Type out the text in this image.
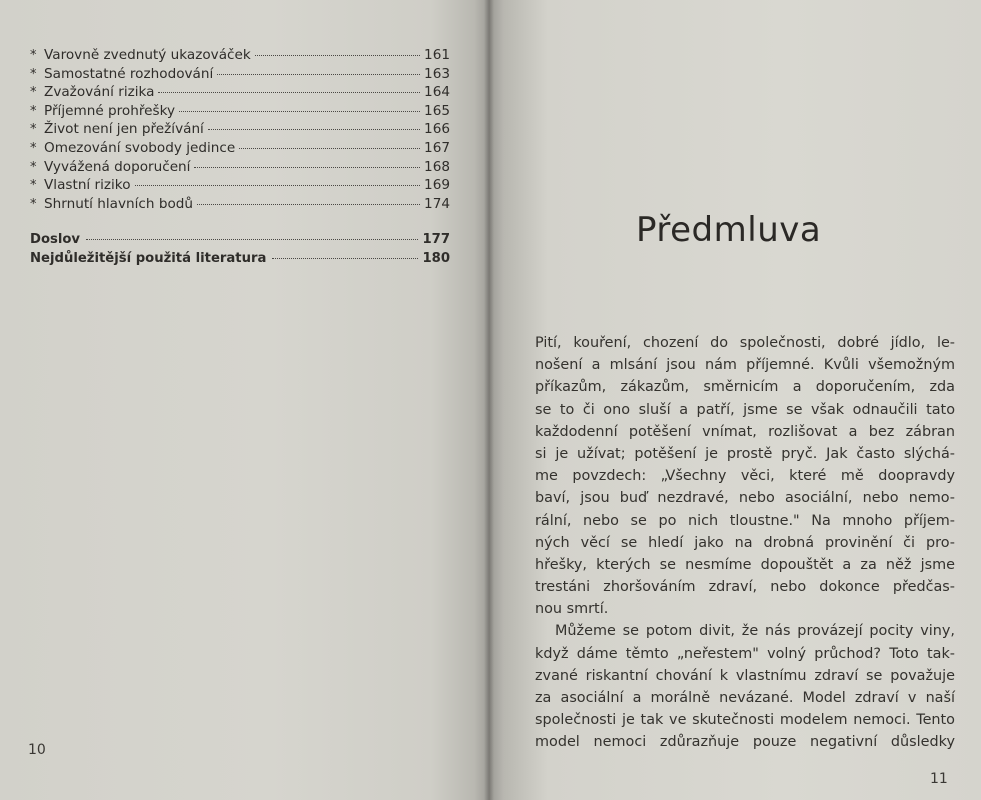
* Varovně zvednutý ukazováček	161
* Samostatné rozhodování	163
* Zvažování rizika	164
* Příjemné prohřešky	165
* Život není jen přežívání	166
* Omezování svobody jedince	167
* Vyvážená doporučení	168
* Vlastní riziko	169
* Shrnutí hlavních bodů	174
Doslov	177
Nejdůležitější použitá literatura	180
10
Předmluva
Pití, kouření, chození do společnosti, dobré jídlo, le-
nošení a mlsání jsou nám příjemné. Kvůli všemožným
příkazům, zákazům, směrnicím a doporučením, zda
se to či ono sluší a patří, jsme se však odnaučili tato
každodenní potěšení vnímat, rozlišovat a bez zábran
si je užívat; potěšení je prostě pryč. Jak často slýchá-
me povzdech: „Všechny věci, které mě doopravdy
baví, jsou buď nezdravé, nebo asociální, nebo nemo-
rální, nebo se po nich tloustne." Na mnoho příjem-
ných věcí se hledí jako na drobná provinění či pro-
hřešky, kterých se nesmíme dopouštět a za něž jsme
trestáni zhoršováním zdraví, nebo dokonce předčas-
nou smrtí.
Můžeme se potom divit, že nás provázejí pocity viny,
když dáme těmto „neřestem" volný průchod? Toto tak-
zvané riskantní chování k vlastnímu zdraví se považuje
za asociální a morálně nevázané. Model zdraví v naší
společnosti je tak ve skutečnosti modelem nemoci. Tento
model nemoci zdůrazňuje pouze negativní důsledky
11
